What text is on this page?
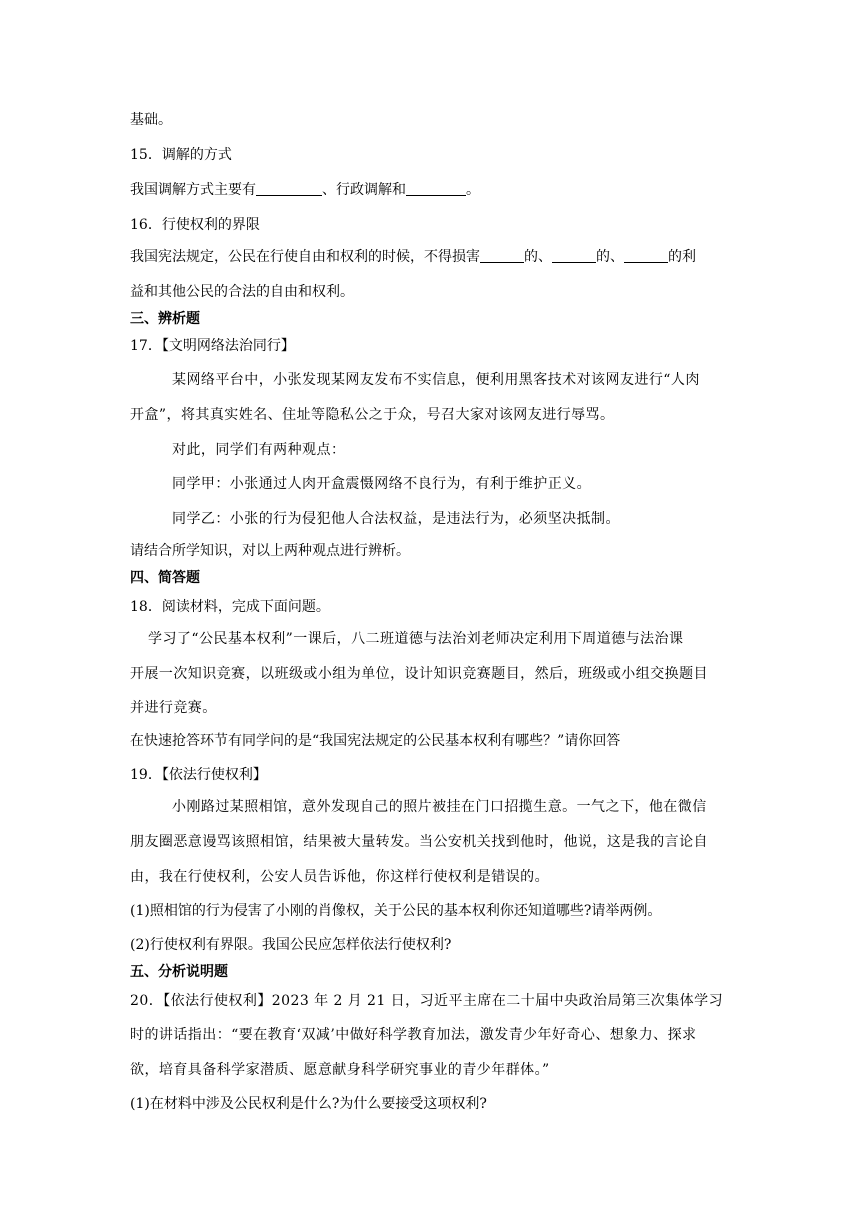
基础。
15．调解的方式
我国调解方式主要有	、行政调解和	。
16．行使权利的界限
我国宪法规定，公民在行使自由和权利的时候，不得损害	的、	的、	的利
益和其他公民的合法的自由和权利。
三、辨析题
17．【文明网络法治同行】
某网络平台中，小张发现某网友发布不实信息，便利用黑客技术对该网友进行“人肉
开盒”，将其真实姓名、住址等隐私公之于众，号召大家对该网友进行辱骂。
对此，同学们有两种观点：
同学甲：小张通过人肉开盒震慑网络不良行为，有利于维护正义。
同学乙：小张的行为侵犯他人合法权益，是违法行为，必须坚决抵制。
请结合所学知识，对以上两种观点进行辨析。
四、简答题
18．阅读材料，完成下面问题。
学习了“公民基本权利”一课后，八二班道德与法治刘老师决定利用下周道德与法治课
开展一次知识竞赛，以班级或小组为单位，设计知识竞赛题目，然后，班级或小组交换题目
并进行竞赛。
在快速抢答环节有同学问的是“我国宪法规定的公民基本权利有哪些？”请你回答
19．【依法行使权利】
小刚路过某照相馆，意外发现自己的照片被挂在门口招揽生意。一气之下，他在微信
朋友圈恶意谩骂该照相馆，结果被大量转发。当公安机关找到他时，他说，这是我的言论自
由，我在行使权利，公安人员告诉他，你这样行使权利是错误的。
(1)照相馆的行为侵害了小刚的肖像权，关于公民的基本权利你还知道哪些?请举两例。
(2)行使权利有界限。我国公民应怎样依法行使权利?
五、分析说明题
20．【依法行使权利】2023 年 2 月 21 日，习近平主席在二十届中央政治局第三次集体学习
时的讲话指出：“要在教育‘双减’中做好科学教育加法，激发青少年好奇心、想象力、探求
欲，培育具备科学家潜质、愿意献身科学研究事业的青少年群体。”
(1)在材料中涉及公民权利是什么?为什么要接受这项权利?
